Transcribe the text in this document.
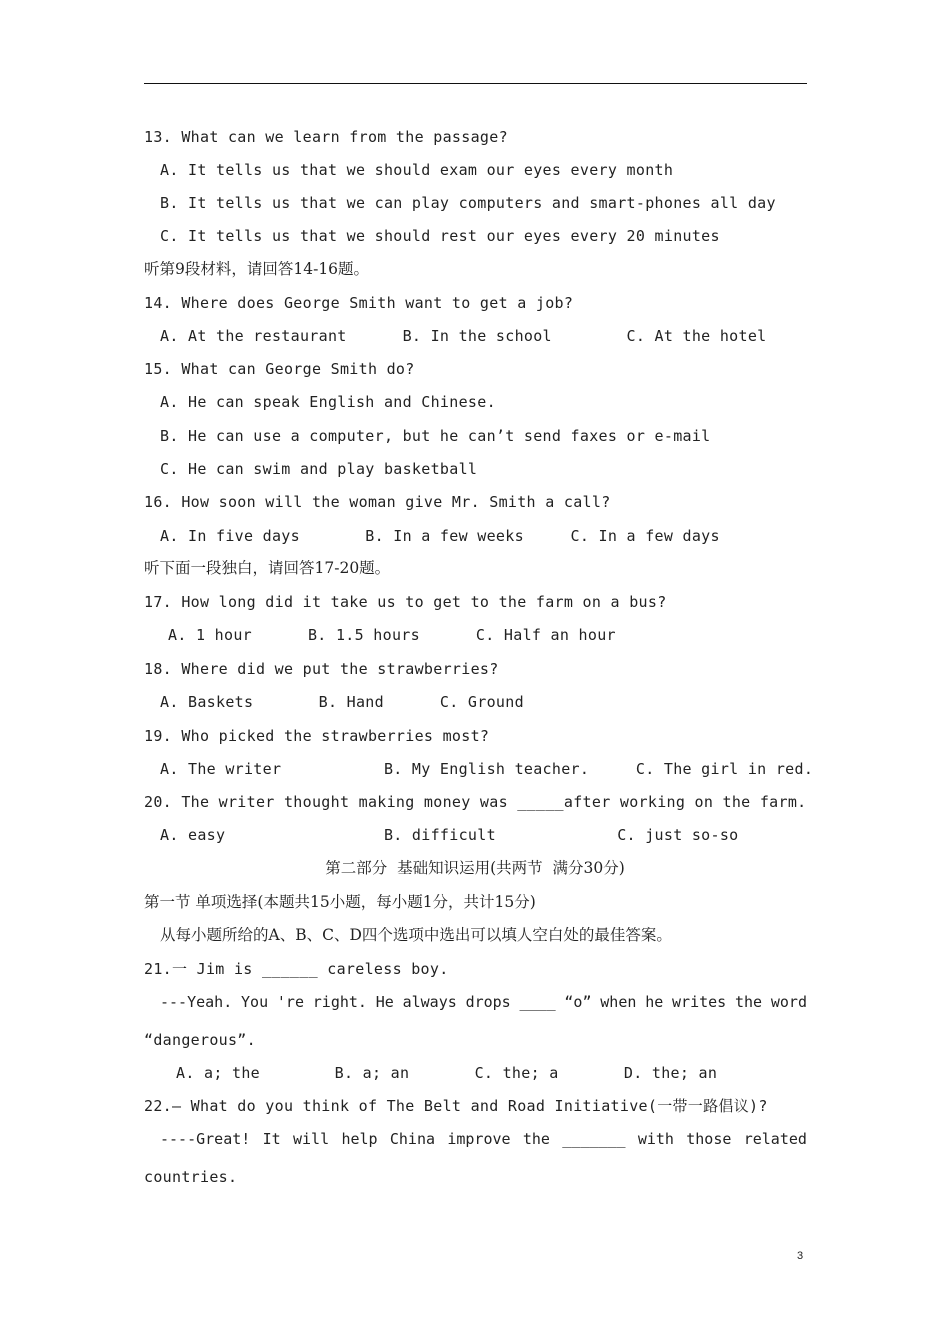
13. What can we learn from the passage?
A. It tells us that we should exam our eyes every month
B. It tells us that we can play computers and smart-phones all day
C. It tells us that we should rest our eyes every 20 minutes
听第9段材料，请回答14-16题。
14. Where does George Smith want to get a job?
A. At the restaurant      B. In the school        C. At the hotel
15. What can George Smith do?
A. He can speak English and Chinese.
B. He can use a computer, but he can’t send faxes or e-mail
C. He can swim and play basketball
16. How soon will the woman give Mr. Smith a call?
A. In five days       B. In a few weeks     C. In a few days
听下面一段独白，请回答17-20题。
17. How long did it take us to get to the farm on a bus?
A. 1 hour      B. 1.5 hours      C. Half an hour
18. Where did we put the strawberries?
A. Baskets       B. Hand      C. Ground
19. Who picked the strawberries most?
A. The writer           B. My English teacher.     C. The girl in red.
20. The writer thought making money was _____after working on the farm.
A. easy                 B. difficult             C. just so-so
第二部分  基础知识运用(共两节  满分30分)
第一节 单项选择(本题共15小题，每小题1分，共计15分)
从每小题所给的A、B、C、D四个选项中选出可以填人空白处的最佳答案。
21.一 Jim is ______ careless boy.
---Yeah. You 're right. He always drops ____ “o” when he writes the word
“dangerous”.
A. a; the        B. a; an       C. the; a       D. the; an
22.— What do you think of The Belt and Road Initiative(一带一路倡议)?
----Great! It will help China improve the _______ with those related
countries.
3
